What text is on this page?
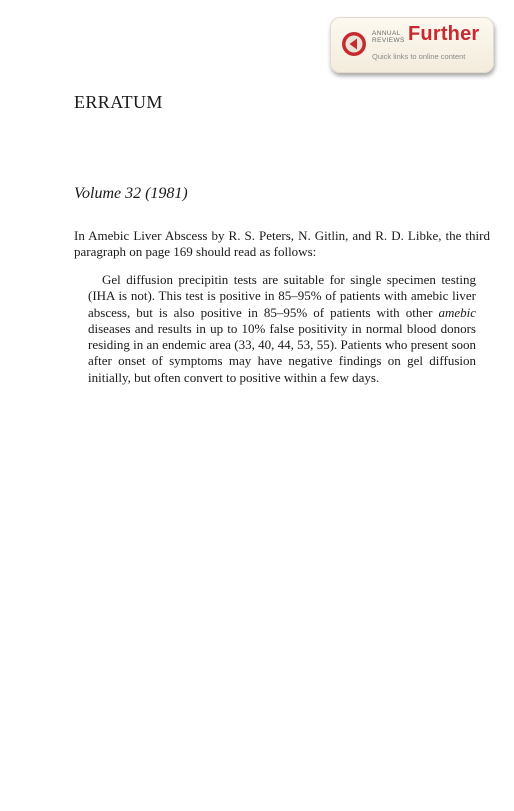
ANNUAL
REVIEWS Further
Quick links to online content
ERRATUM
Volume 32 (1981)

In Amebic Liver Abscess by R. S. Peters, N. Gitlin, and R. D. Libke, the third paragraph on page 169 should read as follows:

Gel diffusion precipitin tests are suitable for single specimen testing (IHA is not). This test is positive in 85–95% of patients with amebic liver abscess, but is also positive in 85–95% of patients with other amebic diseases and results in up to 10% false positivity in normal blood donors residing in an endemic area (33, 40, 44, 53, 55). Patients who present soon after onset of symptoms may have negative findings on gel diffusion initially, but often convert to positive within a few days.
